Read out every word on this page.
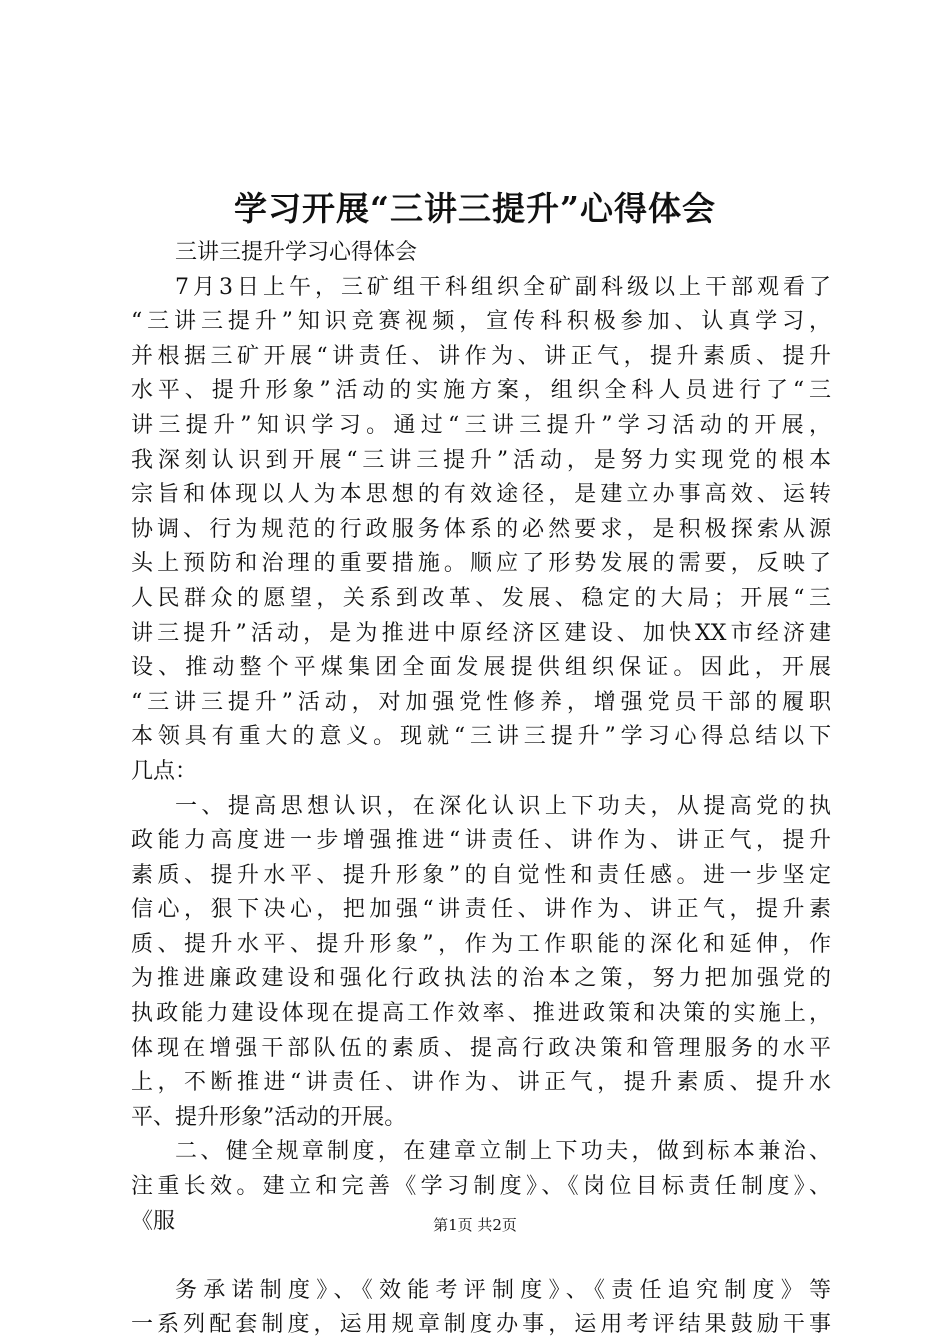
学习开展“三讲三提升”心得体会
三讲三提升学习心得体会
7月3日上午，三矿组干科组织全矿副科级以上干部观看了
“三讲三提升”知识竞赛视频，宣传科积极参加、认真学习，
并根据三矿开展“讲责任、讲作为、讲正气，提升素质、提升
水平、提升形象”活动的实施方案，组织全科人员进行了“三
讲三提升”知识学习。通过“三讲三提升”学习活动的开展，
我深刻认识到开展“三讲三提升”活动，是努力实现党的根本
宗旨和体现以人为本思想的有效途径，是建立办事高效、运转
协调、行为规范的行政服务体系的必然要求，是积极探索从源
头上预防和治理的重要措施。顺应了形势发展的需要，反映了
人民群众的愿望，关系到改革、发展、稳定的大局；开展“三
讲三提升”活动，是为推进中原经济区建设、加快XX市经济建
设、推动整个平煤集团全面发展提供组织保证。因此，开展
“三讲三提升”活动，对加强党性修养，增强党员干部的履职
本领具有重大的意义。现就“三讲三提升”学习心得总结以下
几点：
一、提高思想认识，在深化认识上下功夫，从提高党的执
政能力高度进一步增强推进“讲责任、讲作为、讲正气，提升
素质、提升水平、提升形象”的自觉性和责任感。进一步坚定
信心，狠下决心，把加强“讲责任、讲作为、讲正气，提升素
质、提升水平、提升形象”，作为工作职能的深化和延伸，作
为推进廉政建设和强化行政执法的治本之策，努力把加强党的
执政能力建设体现在提高工作效率、推进政策和决策的实施上，
体现在增强干部队伍的素质、提高行政决策和管理服务的水平
上，不断推进“讲责任、讲作为、讲正气，提升素质、提升水
平、提升形象”活动的开展。
二、健全规章制度，在建章立制上下功夫，做到标本兼治、
注重长效。建立和完善《学习制度》、《岗位目标责任制度》、
《服
务承诺制度》、《效能考评制度》、《责任追究制度》等
一系列配套制度，运用规章制度办事，运用考评结果鼓励干事
第1页 共2页
